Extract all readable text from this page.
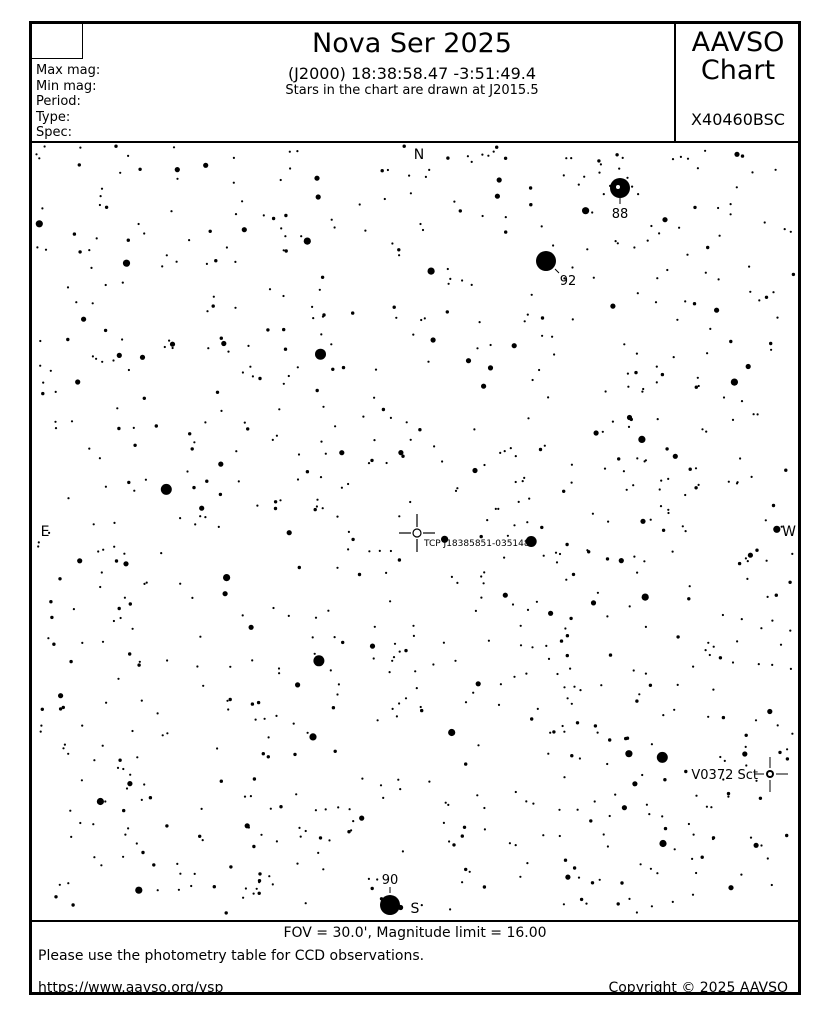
Max mag:
Min mag:
Period:
Type:
Spec:
Nova Ser 2025
(J2000) 18:38:58.47 -3:51:49.4
Stars in the chart are drawn at J2015.5
AAVSO
Chart
X40460BSC
N
S
E	W
88
92
90
TCP J18385851-0351482
V0372 Sct
FOV = 30.0', Magnitude limit = 16.00
Please use the photometry table for CCD observations.
https://www.aavso.org/vsp	Copyright © 2025 AAVSO
